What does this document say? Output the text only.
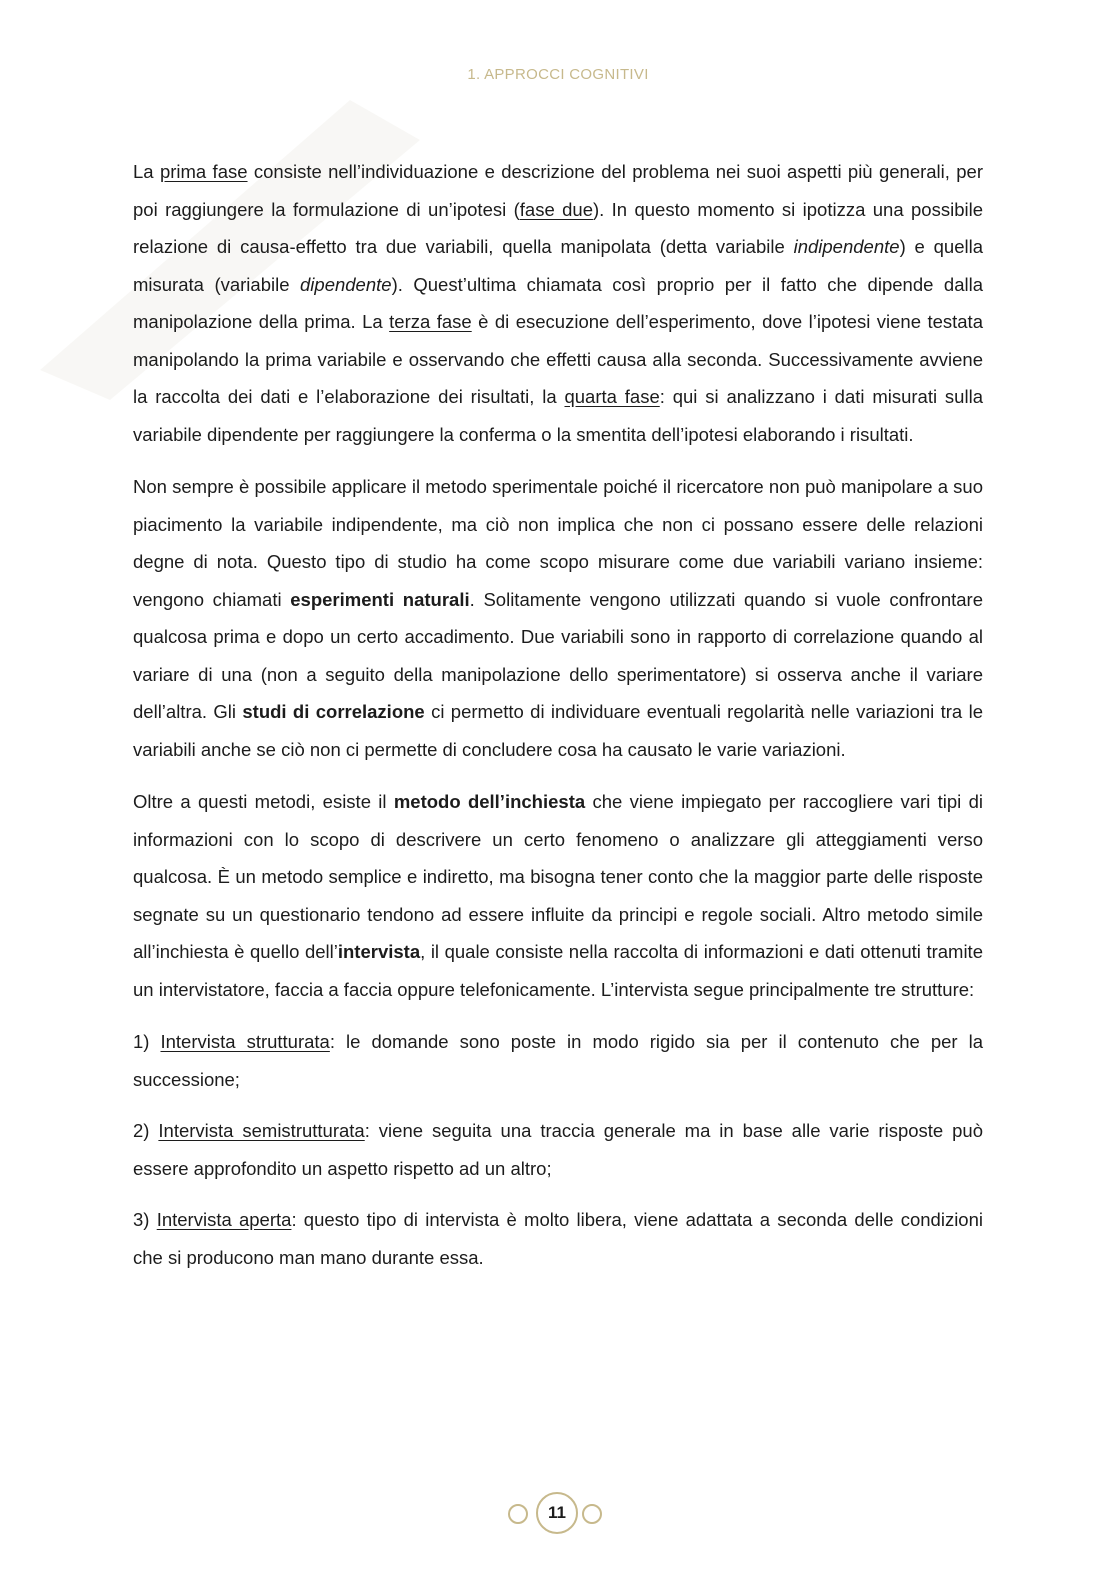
1. APPROCCI COGNITIVI

La prima fase consiste nell’individuazione e descrizione del problema nei suoi aspetti più generali, per poi raggiungere la formulazione di un’ipotesi (fase due). In questo momento si ipotizza una possibile relazione di causa-effetto tra due variabili, quella manipolata (detta variabile indipendente) e quella misurata (variabile dipendente). Quest’ultima chiamata così proprio per il fatto che dipende dalla manipolazione della prima. La terza fase è di esecuzione dell’esperimento, dove l’ipotesi viene testata manipolando la prima variabile e osservando che effetti causa alla seconda. Successivamente avviene la raccolta dei dati e l’elaborazione dei risultati, la quarta fase: qui si analizzano i dati misurati sulla variabile dipendente per raggiungere la conferma o la smentita dell’ipotesi elaborando i risultati.

Non sempre è possibile applicare il metodo sperimentale poiché il ricercatore non può manipolare a suo piacimento la variabile indipendente, ma ciò non implica che non ci possano essere delle relazioni degne di nota. Questo tipo di studio ha come scopo misurare come due variabili variano insieme: vengono chiamati esperimenti naturali. Solitamente vengono utilizzati quando si vuole confrontare qualcosa prima e dopo un certo accadimento. Due variabili sono in rapporto di correlazione quando al variare di una (non a seguito della manipolazione dello sperimentatore) si osserva anche il variare dell’altra. Gli studi di correlazione ci permetto di individuare eventuali regolarità nelle variazioni tra le variabili anche se ciò non ci permette di concludere cosa ha causato le varie variazioni.

Oltre a questi metodi, esiste il metodo dell’inchiesta che viene impiegato per raccogliere vari tipi di informazioni con lo scopo di descrivere un certo fenomeno o analizzare gli atteggiamenti verso qualcosa. È un metodo semplice e indiretto, ma bisogna tener conto che la maggior parte delle risposte segnate su un questionario tendono ad essere influite da principi e regole sociali. Altro metodo simile all’inchiesta è quello dell’intervista, il quale consiste nella raccolta di informazioni e dati ottenuti tramite un intervistatore, faccia a faccia oppure telefonicamente. L’intervista segue principalmente tre strutture:

1) Intervista strutturata: le domande sono poste in modo rigido sia per il contenuto che per la successione;

2) Intervista semistrutturata: viene seguita una traccia generale ma in base alle varie risposte può essere approfondito un aspetto rispetto ad un altro;

3) Intervista aperta: questo tipo di intervista è molto libera, viene adattata a seconda delle condizioni che si producono man mano durante essa.

11
